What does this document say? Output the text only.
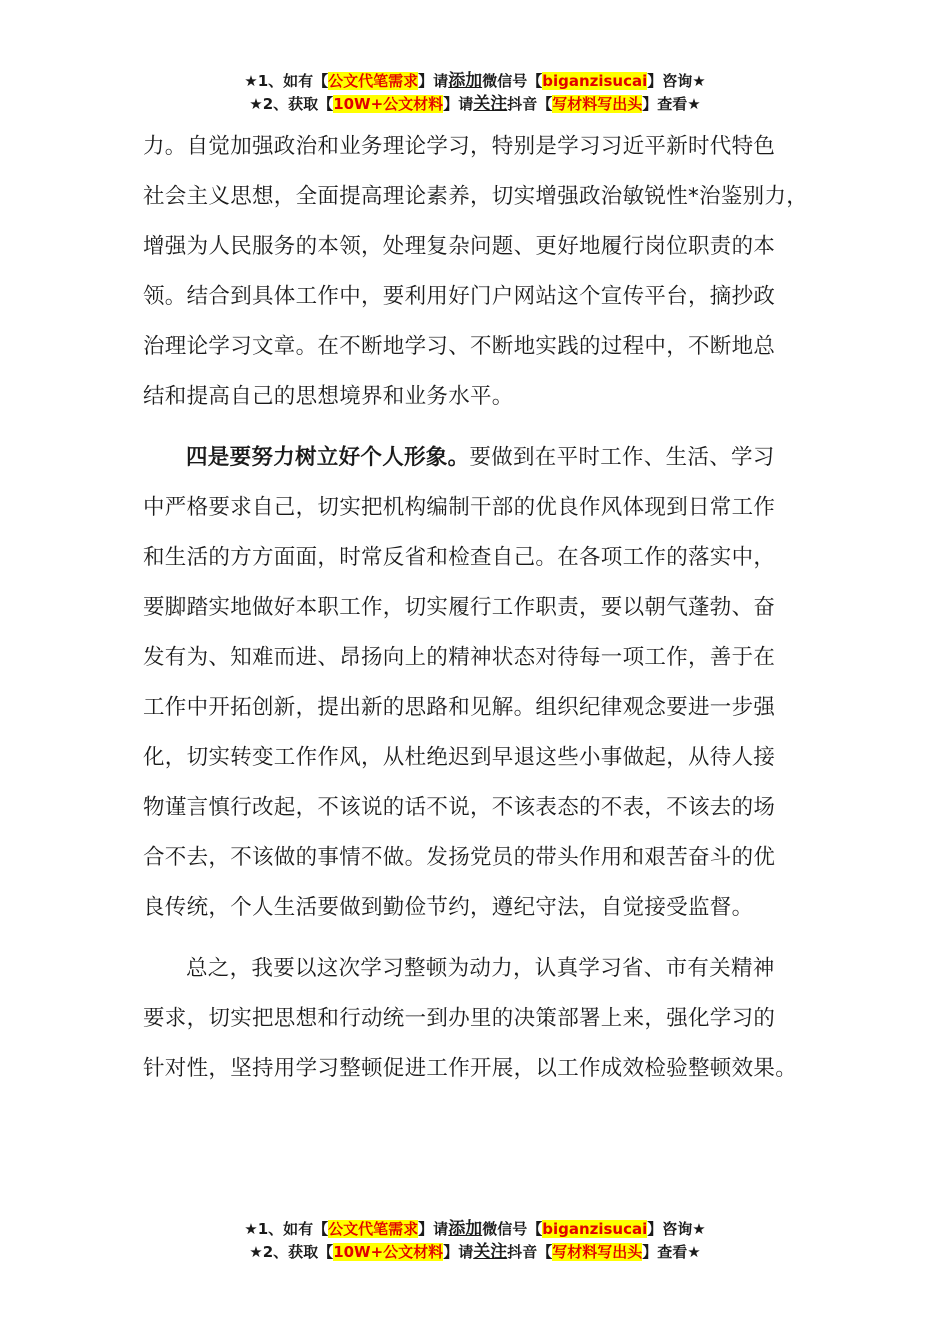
★1、如有【公文代笔需求】请添加微信号【biganzisucai】咨询★
★2、获取【10W+公文材料】请关注抖音【写材料写出头】查看★
力。自觉加强政治和业务理论学习，特别是学习习近平新时代特色
社会主义思想，全面提高理论素养，切实增强政治敏锐性*治鉴别力，
增强为人民服务的本领，处理复杂问题、更好地履行岗位职责的本
领。结合到具体工作中，要利用好门户网站这个宣传平台，摘抄政
治理论学习文章。在不断地学习、不断地实践的过程中，不断地总
结和提高自己的思想境界和业务水平。
四是要努力树立好个人形象。要做到在平时工作、生活、学习
中严格要求自己，切实把机构编制干部的优良作风体现到日常工作
和生活的方方面面，时常反省和检查自己。在各项工作的落实中，
要脚踏实地做好本职工作，切实履行工作职责，要以朝气蓬勃、奋
发有为、知难而进、昂扬向上的精神状态对待每一项工作，善于在
工作中开拓创新，提出新的思路和见解。组织纪律观念要进一步强
化，切实转变工作作风，从杜绝迟到早退这些小事做起，从待人接
物谨言慎行改起，不该说的话不说，不该表态的不表，不该去的场
合不去，不该做的事情不做。发扬党员的带头作用和艰苦奋斗的优
良传统，个人生活要做到勤俭节约，遵纪守法，自觉接受监督。
总之，我要以这次学习整顿为动力，认真学习省、市有关精神
要求，切实把思想和行动统一到办里的决策部署上来，强化学习的
针对性，坚持用学习整顿促进工作开展，以工作成效检验整顿效果。
★1、如有【公文代笔需求】请添加微信号【biganzisucai】咨询★
★2、获取【10W+公文材料】请关注抖音【写材料写出头】查看★
